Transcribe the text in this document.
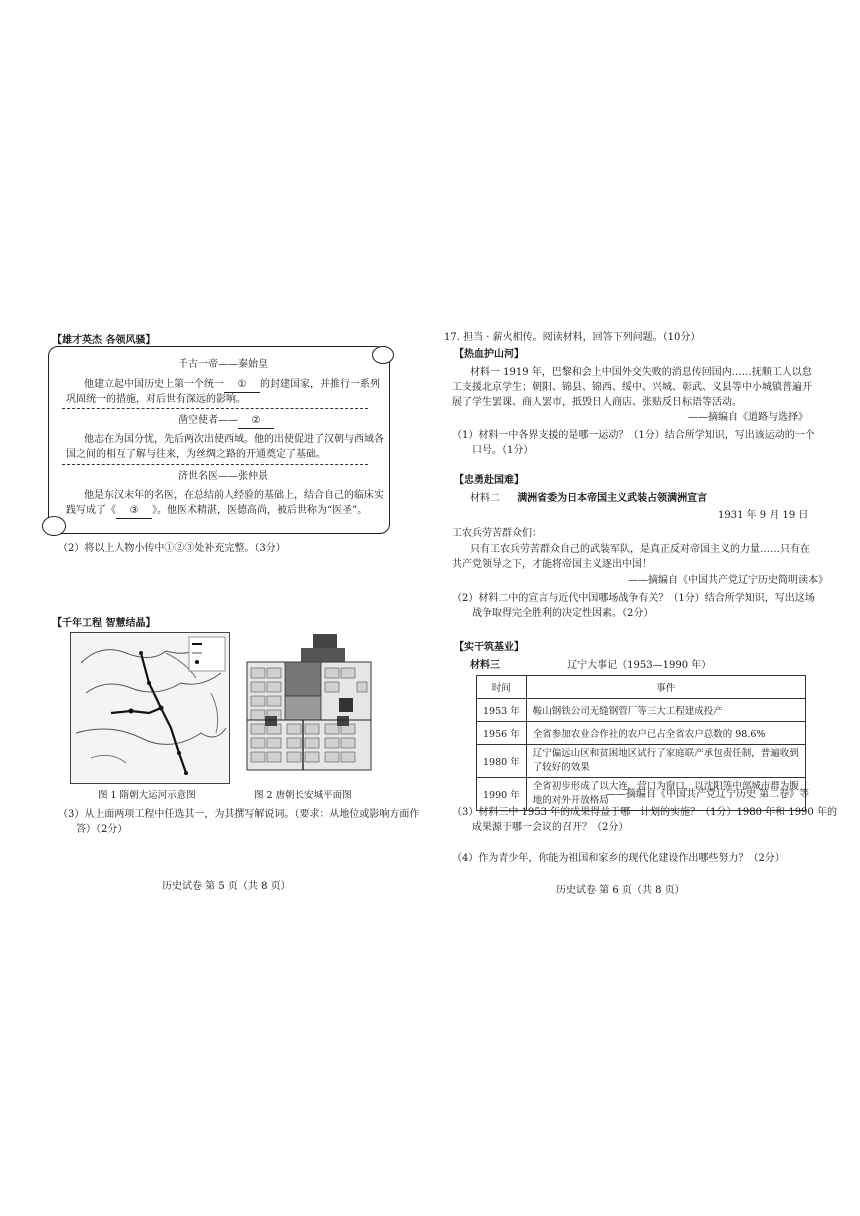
【雄才英杰 各领风骚】
千古一帝——秦始皇
他建立起中国历史上第一个统一 ① 的封建国家，并推行一系列
巩固统一的措施，对后世有深远的影响。
凿空使者—— ②
他志在为国分忧，先后两次出使西域。他的出使促进了汉朝与西域各
国之间的相互了解与往来，为丝绸之路的开通奠定了基础。
济世名医——张仲景
他是东汉末年的名医，在总结前人经验的基础上，结合自己的临床实
践写成了《 ③ 》。他医术精湛，医德高尚，被后世称为“医圣”。
（2）将以上人物小传中①②③处补充完整。（3分）
【千年工程 智慧结晶】
图 1 隋朝大运河示意图	图 2 唐朝长安城平面图
（3）从上面两项工程中任选其一，为其撰写解说词。（要求：从地位或影响方面作
答）（2分）
历史试卷 第 5 页（共 8 页）
17. 担当 · 薪火相传。阅读材料，回答下列问题。（10分）
【热血护山河】
材料一 1919 年，巴黎和会上中国外交失败的消息传回国内……抚顺工人以怠
工支援北京学生；朝阳、锦县、锦西、绥中、兴城、彰武、义县等中小城镇普遍开
展了学生罢课、商人罢市，抵毁日人商店、张贴反日标语等活动。
——摘编自《道路与选择》
（1）材料一中各界支援的是哪一运动？（1分）结合所学知识，写出该运动的一个
口号。（1分）
【忠勇赴国难】
材料二 满洲省委为日本帝国主义武装占领满洲宣言
1931 年 9 月 19 日
工农兵劳苦群众们：
只有工农兵劳苦群众自己的武装军队，是真正反对帝国主义的力量……只有在
共产党领导之下，才能将帝国主义逐出中国！
——摘编自《中国共产党辽宁历史简明读本》
（2）材料二中的宣言与近代中国哪场战争有关？（1分）结合所学知识，写出这场
战争取得完全胜利的决定性因素。（2分）
【实干筑基业】
材料三	辽宁大事记（1953—1990 年）
时间	事件
1953 年	鞍山钢铁公司无缝钢管厂等三大工程建成投产
1956 年	全省参加农业合作社的农户已占全省农户总数的 98.6%
1980 年	辽宁偏远山区和贫困地区试行了家庭联产承包责任制，普遍收到
了较好的效果

1990 年	全省初步形成了以大连、营口为窗口，以沈阳等中部城市群为腹
地的对外开放格局
——摘编自《中国共产党辽宁历史 第二卷》等
（3）材料三中 1953 年的成果得益于哪一计划的实施？（1分）1980 年和 1990 年的
成果源于哪一会议的召开？（2分）
（4）作为青少年，你能为祖国和家乡的现代化建设作出哪些努力？（2分）
历史试卷 第 6 页（共 8 页）
